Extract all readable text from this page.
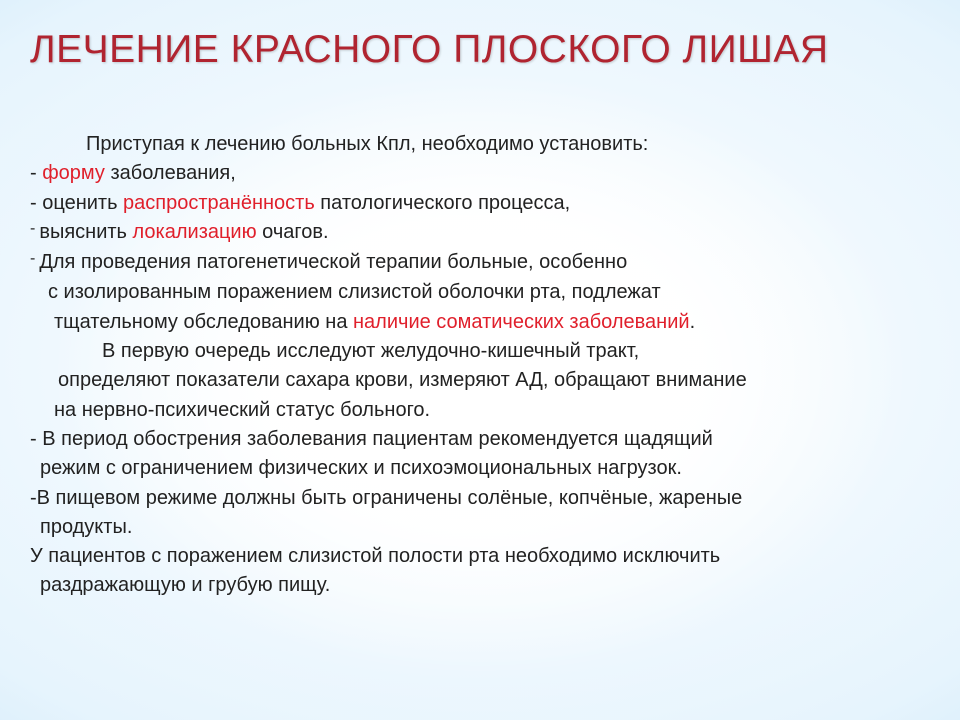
ЛЕЧЕНИЕ КРАСНОГО ПЛОСКОГО ЛИШАЯ

Приступая к лечению больных Кпл, необходимо установить:

- форму заболевания,

- оценить распространённость патологического процесса,

- выяснить локализацию очагов.

- Для проведения патогенетической терапии больные, особенно

с изолированным поражением слизистой оболочки рта, подлежат

тщательному обследованию на наличие соматических заболеваний.

В первую очередь исследуют желудочно-кишечный тракт,

определяют показатели сахара крови, измеряют АД, обращают внимание

на нервно-психический статус больного.

- В период обострения заболевания пациентам рекомендуется щадящий

режим с ограничением физических и психоэмоциональных нагрузок.

-В пищевом режиме должны быть ограничены солёные, копчёные, жареные

продукты.

У пациентов с поражением слизистой полости рта необходимо исключить

раздражающую и грубую пищу.
